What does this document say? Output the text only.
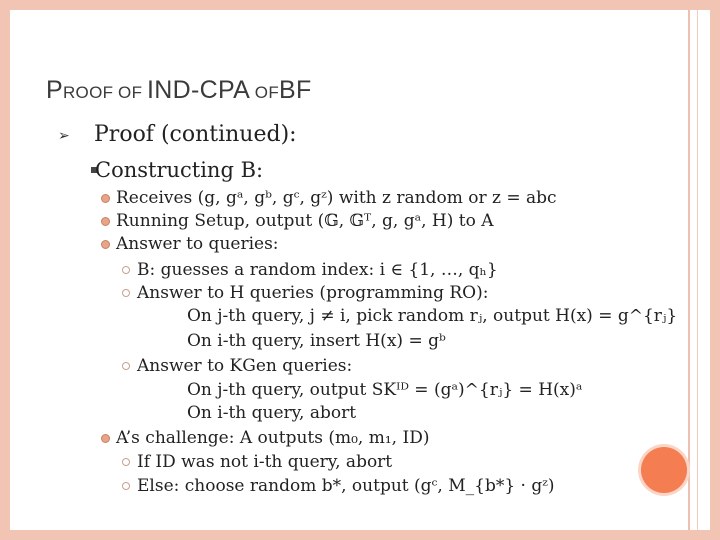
PROOF OF IND-CPA OFBF
➢ Proof (continued):
Constructing B:
Receives (g, gᵃ, gᵇ, gᶜ, gᶻ) with z random or z = abc
Running Setup, output (𝔾, 𝔾ᵀ, g, gᵃ, H) to A
Answer to queries:
B: guesses a random index: i ∈ {1, …, qₕ}
Answer to H queries (programming RO):
On j-th query, j ≠ i, pick random rⱼ, output H(x) = g^{rⱼ}
On i-th query, insert H(x) = gᵇ
Answer to KGen queries:
On j-th query, output SKᴵᴰ = (gᵃ)^{rⱼ} = H(x)ᵃ
On i-th query, abort
A’s challenge: A outputs (m₀, m₁, ID)
If ID was not i-th query, abort
Else: choose random b*, output (gᶜ, M_{b*} · gᶻ)
